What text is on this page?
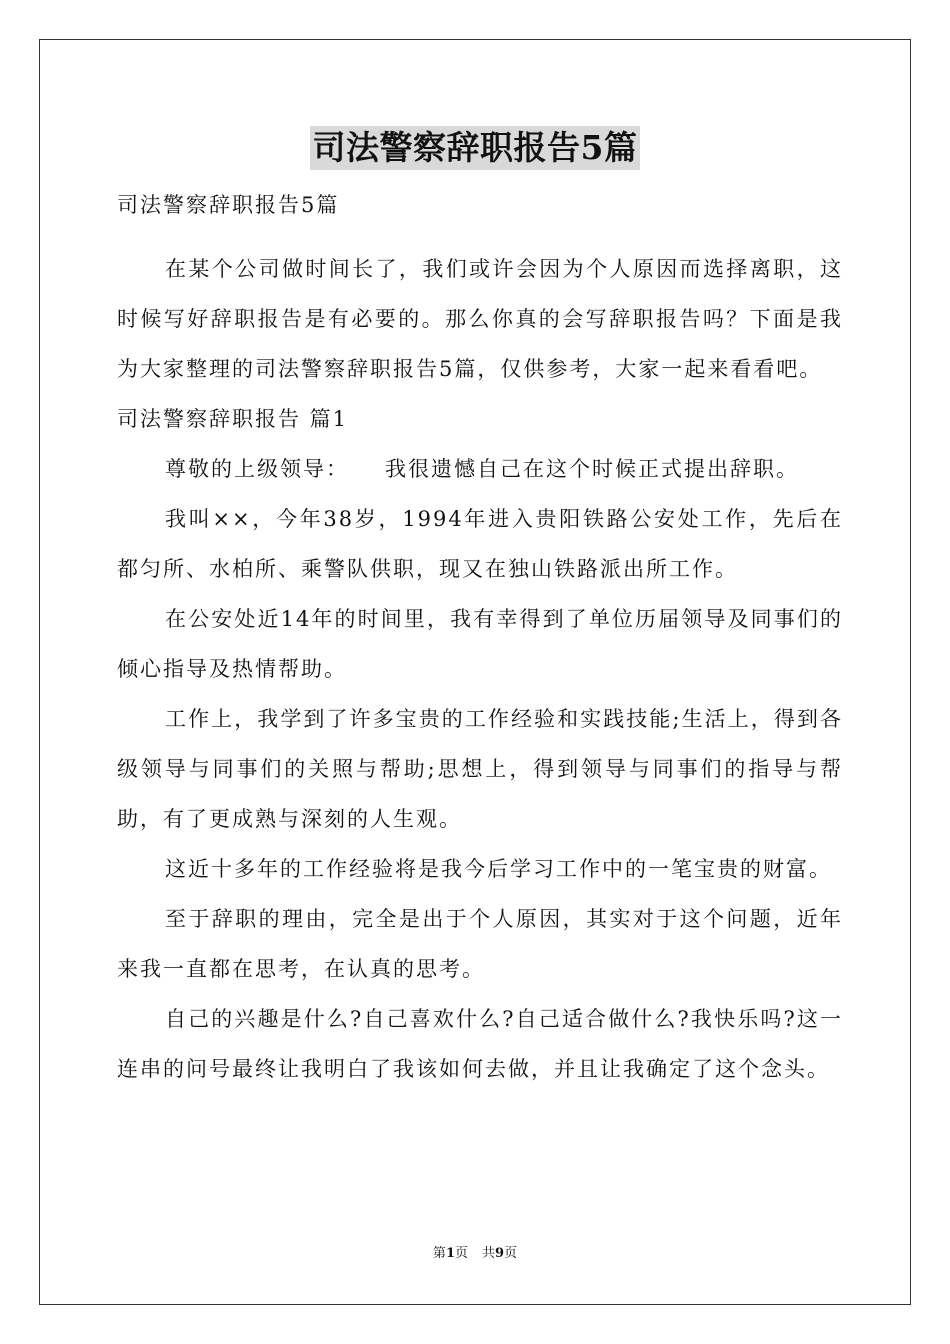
司法警察辞职报告5篇

司法警察辞职报告5篇

在某个公司做时间长了，我们或许会因为个人原因而选择离职，这时候写好辞职报告是有必要的。那么你真的会写辞职报告吗？下面是我为大家整理的司法警察辞职报告5篇，仅供参考，大家一起来看看吧。

司法警察辞职报告 篇1

尊敬的上级领导： 我很遗憾自己在这个时候正式提出辞职。

我叫××，今年38岁，1994年进入贵阳铁路公安处工作，先后在都匀所、水柏所、乘警队供职，现又在独山铁路派出所工作。

在公安处近14年的时间里，我有幸得到了单位历届领导及同事们的倾心指导及热情帮助。

工作上，我学到了许多宝贵的工作经验和实践技能;生活上，得到各级领导与同事们的关照与帮助;思想上，得到领导与同事们的指导与帮助，有了更成熟与深刻的人生观。

这近十多年的工作经验将是我今后学习工作中的一笔宝贵的财富。

至于辞职的理由，完全是出于个人原因，其实对于这个问题，近年来我一直都在思考，在认真的思考。

自己的兴趣是什么?自己喜欢什么?自己适合做什么?我快乐吗?这一连串的问号最终让我明白了我该如何去做，并且让我确定了这个念头。

第1页 共9页
